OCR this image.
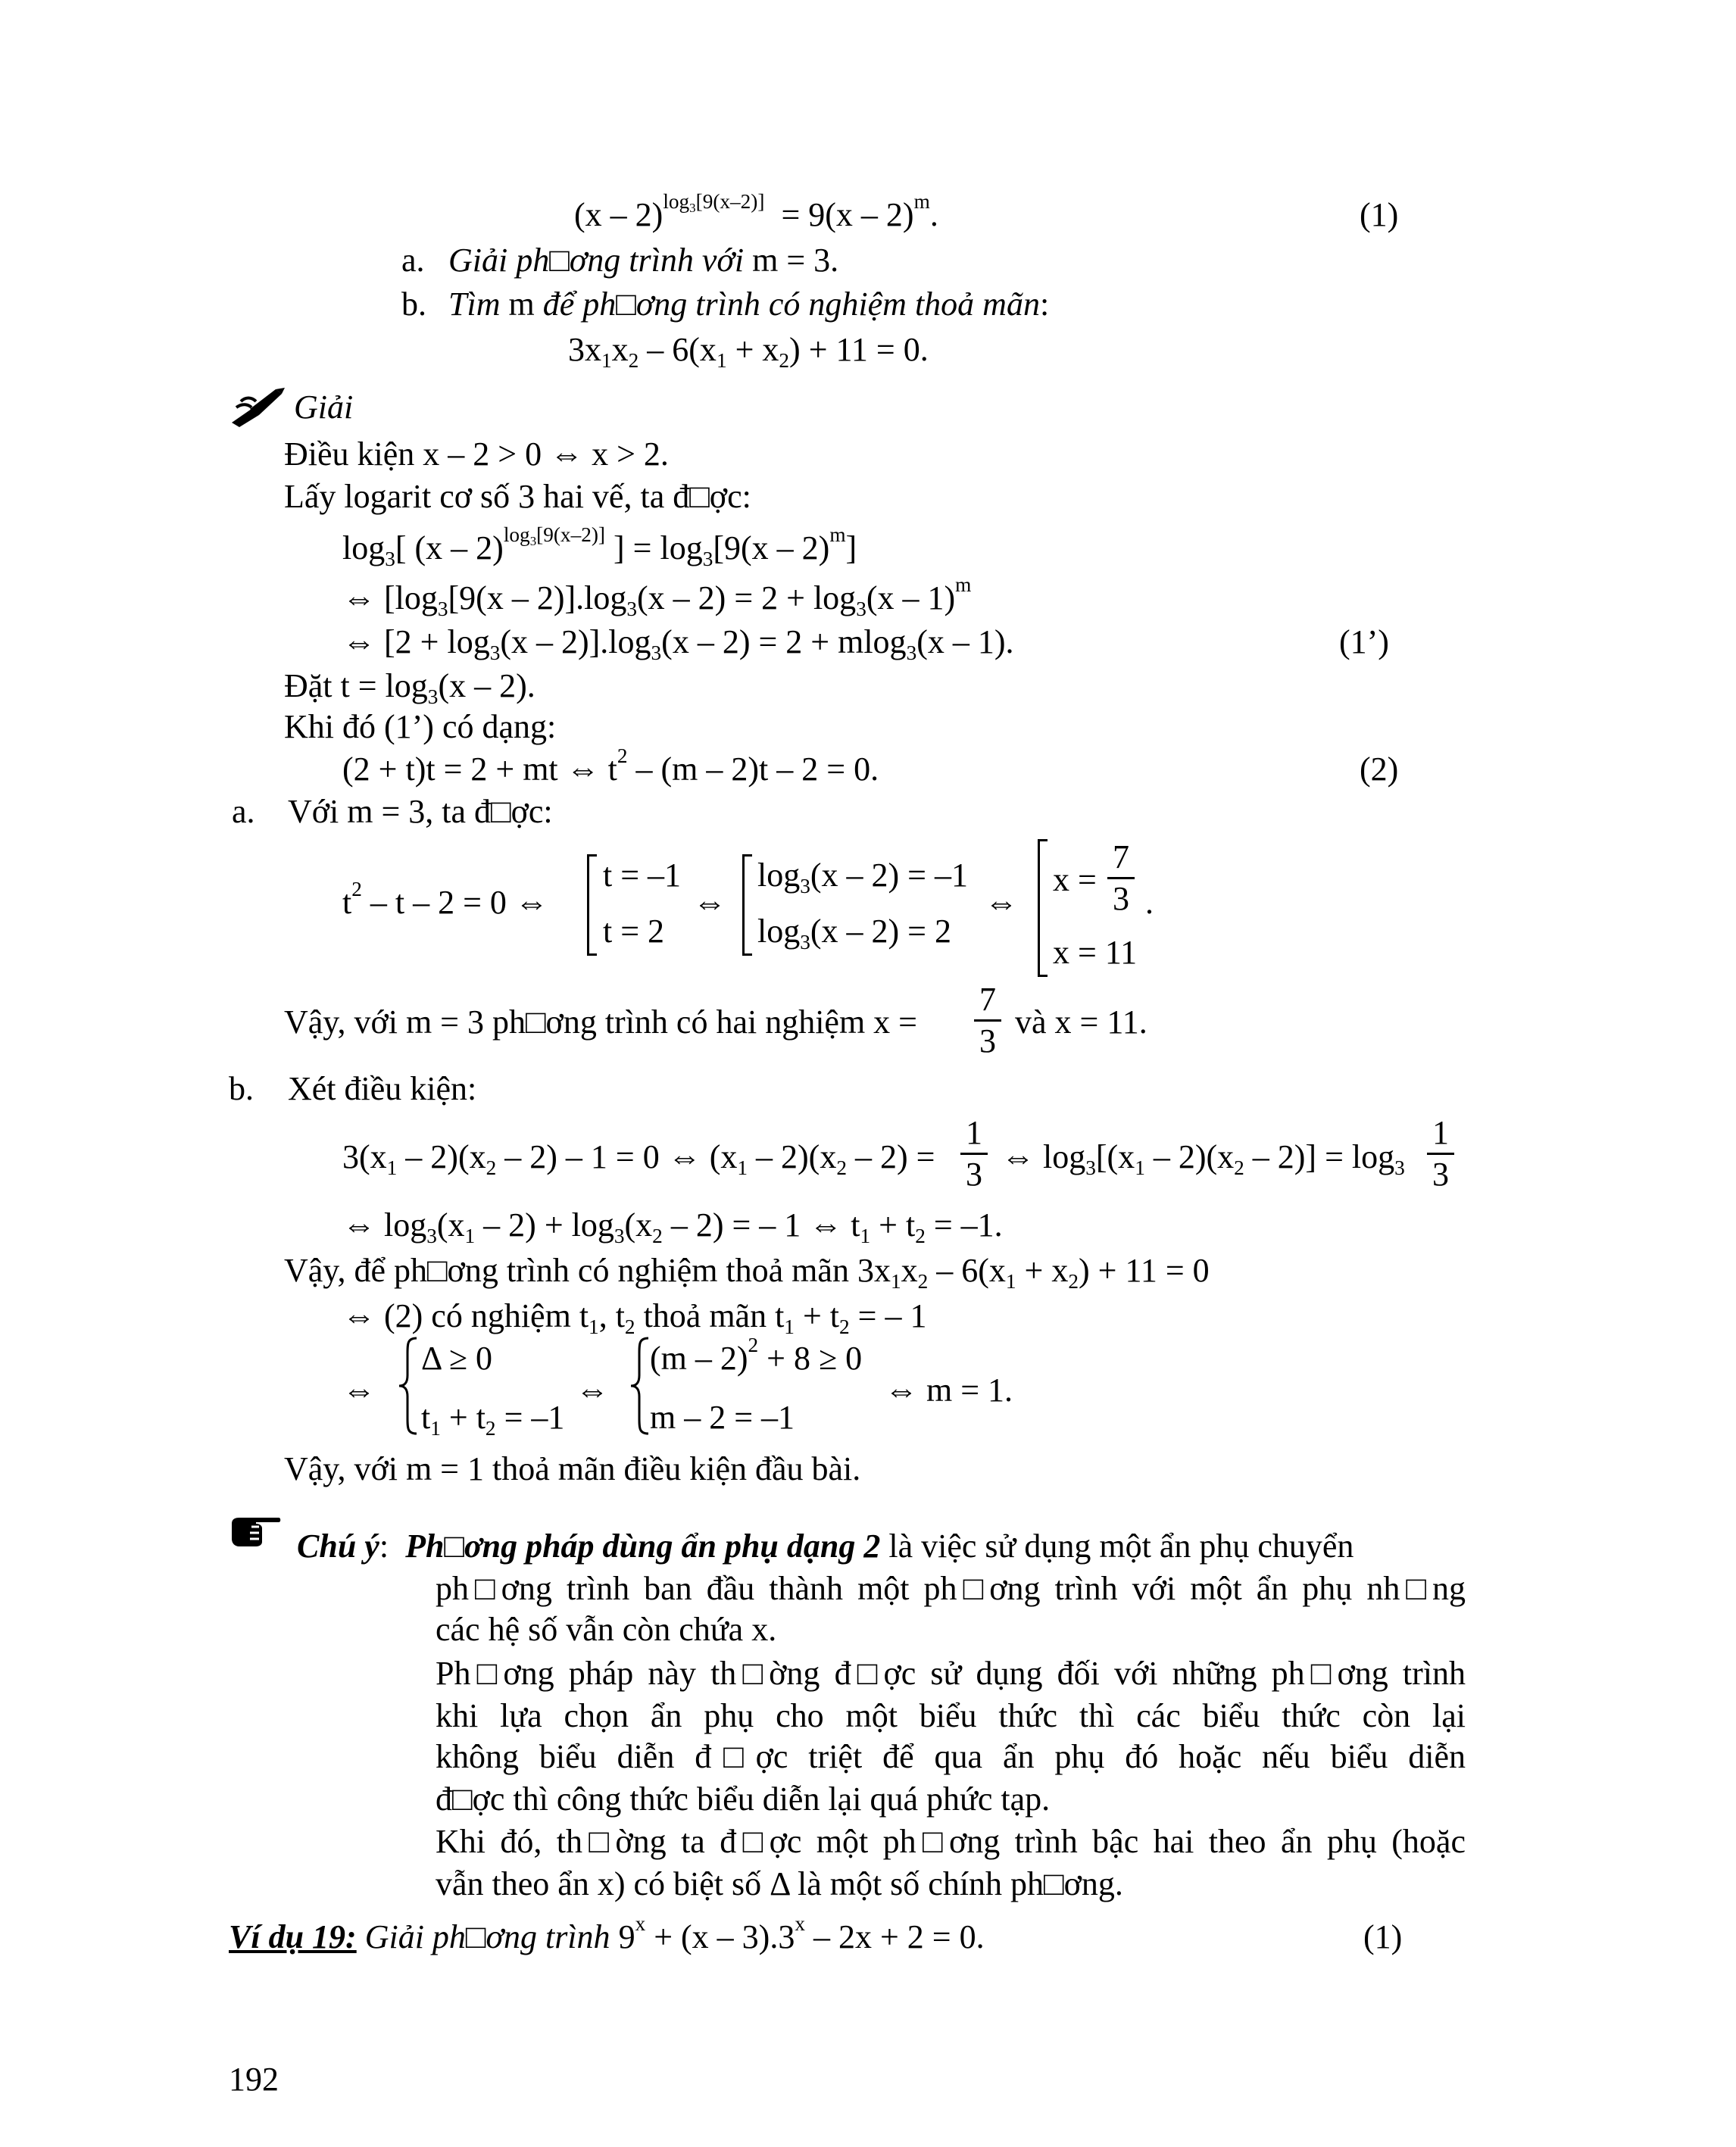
(x – 2)$^{log3[9(x-2)]}$  = 9(x – 2)$^m$.	(1)
a. Giải ph□ơng trình với m = 3.
b. Tìm m để ph□ơng trình có nghiệm thoả mãn:
$3x_1x_2 - 6(x_1 + x_2) + 11 = 0$.
Giải
Điều kiện x – 2 > 0 ⇔ x > 2.
Lấy logarit cơ số 3 hai vế, ta đ□ợc:
$\log_3$[ (x – 2)$^{log3[9(x-2)]}$ ] = $\log_3[9(x - 2)^m]$
⇔ [$\log_3[9(x - 2)].\log_3(x - 2) = 2 + \log_3(x - 1)^m$
⇔ $[2 + \log_3(x - 2)].\log_3(x - 2) = 2 + mlog_3(x - 1)$.	(1’)
Đặt $t = \log_3(x - 2)$.
Khi đó (1’) có dạng:
(2 + t)t = 2 + mt ⇔ $t^2 - (m - 2)t - 2 = 0$.	(2)
a. Với m = 3, ta đ□ợc:
$t^2 - t - 2 = 0$ ⇔
t = –1
t = 2
⇔
$\log_3(x - 2) = -1$
$\log_3(x - 2) = 2$
⇔
x =
7
3 .
x = 11
Vậy, với m = 3 ph□ơng trình có hai nghiệm x =
7
3
và x = 11.
b. Xét điều kiện:
$3(x_1 - 2)(x_2 - 2) - 1 = 0$ ⇔ $(x_1 - 2)(x_2 - 2)$ =
1
3 ⇔ $\log_3[(x_1 - 2)(x_2 - 2)] = \log_3$
1
3
⇔ $\log_3(x_1 - 2) + \log_3(x_2 - 2)$ = – 1 ⇔ $t_1 + t_2 = -1$.
Vậy, để ph□ơng trình có nghiệm thoả mãn $3x_1x_2 - 6(x_1 + x_2) + 11 = 0$
⇔ (2) có nghiệm $t_1$, $t_2$ thoả mãn $t_1 + t_2$ = – 1
⇔
Δ ≥ 0
$t_1 + t_2 = -1$
⇔
(m – 2)$^2$ + 8 ≥ 0
m – 2 = –1
⇔ m = 1.
Vậy, với m = 1 thoả mãn điều kiện đầu bài.
Chú ý: Ph□ơng pháp dùng ẩn phụ dạng 2 là việc sử dụng một ẩn phụ chuyển
ph□ơng trình ban đầu thành một ph□ơng trình với một ẩn phụ nh□ng
các hệ số vẫn còn chứa x.
Ph□ơng pháp này th□ờng đ□ợc sử dụng đối với những ph□ơng trình
khi lựa chọn ẩn phụ cho một biểu thức thì các biểu thức còn lại
không biểu diễn đ□ợc triệt để qua ẩn phụ đó hoặc nếu biểu diễn
đ□ợc thì công thức biểu diễn lại quá phức tạp.
Khi đó, th□ờng ta đ□ợc một ph□ơng trình bậc hai theo ẩn phụ (hoặc
vẫn theo ẩn x) có biệt số Δ là một số chính ph□ơng.
Ví dụ 19: Giải ph□ơng trình $9^x + (x - 3).3^x - 2x + 2 = 0$.	(1)
192
